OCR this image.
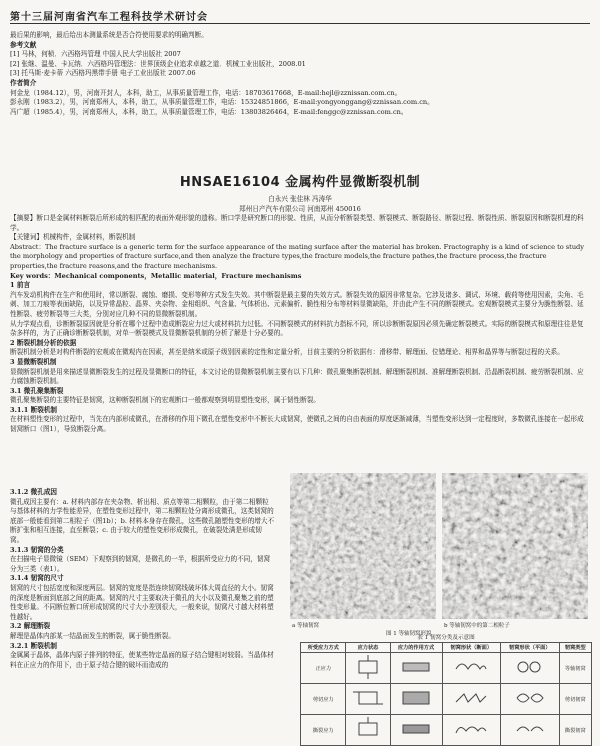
第十三届河南省汽车工程科技学术研讨会

最后果的影响，最后给出本测量系统是否合符使用要求的明确判断。

参考文献

[1] 马林，何桢．六西格玛管理 中国人民大学出版社 2007

[2] 张继、温曼、卡瓦纳．六西格玛管理法：世界顶级企业追求卓越之道．机械工业出版社，2008.01

[3] 托马斯·麦卡蒂 六西格玛黑带手册 电子工业出版社 2007.06

作者简介

何金龙（1984.12），男，河南开封人，本科，助工，从事质量管理工作，电话：18703617668，E-mail:hejl@zznissan.com.cn。

彭永刚（1983.2），男，河南郑州人，本科，助工，从事质量管理工作，电话：15324851866，E-mail:yongyonggang@zznissan.com.cn。

冯广超（1985.4），男，河南郑州人，本科，助工，从事质量管理工作，电话：13803826464，E-mail:fenggc@zznissan.com.cn。

HNSAE16104 金属构件显微断裂机制
白永兴 张佳林 冯涛华
郑州日产汽车有限公司 河南郑州 450016

【摘要】断口是金属材料断裂后所形成的相匹配的表面外观形貌的遗称。断口学是研究断口的形貌、性质，从而分析断裂类型、断裂模式、断裂路径、断裂过程、断裂性质、断裂原因和断裂机理的科学。

【关键词】机械构件，金属材料，断裂机制

Abstract：The fracture surface is a generic term for the surface appearance of the mating surface after the material has broken. Fractography is a kind of science to study the morphology and properties of fracture surface,and then analyze the fracture types,the fracture models,the fracture pathes,the fracture process,the fracture properties,the fracture reasons,and the fracture mechanisms.

Key words：Mechanical components，Metallic material，Fracture mechanisms

1 前言

汽车发动机构件在生产和使用时，常以断裂、腐蚀、磨损、变形等种方式发生失效。其中断裂是最主要的失效方式。断裂失效的原因非常复杂。它涉及诸多、调试、环境、载荷等使用因素，尖角、毛刺、加工刀痕等表面缺陷，以及异常晶粒、晶界、夹杂物、金相组织、气含量、气体析出、元素偏析、脆性相分布等材料显微缺陷，并由此产生不同的断裂模式。宏观断裂模式主要分为脆性断裂、延性断裂、疲劳断裂等三大类，分别对应几种不同的显微断裂机制。

从力学观点看，诊断断裂原因就是分析在哪个过程中造成断裂应力过大或材料抗力过低。不同断裂模式的材料抗力指标不同，所以诊断断裂原因必须先确定断裂模式。实际的断裂模式和原理往往是复杂多样的，为了正确诊断断裂机制，对单一断裂模式及显微断裂机制的分析了解是十分必要的。

2 断裂机制分析的依据

断裂机制分析是对构件断裂的宏观或在微观内在因素，甚至是纳米或原子级别因素的定性和定量分析，目前主要的分析依据有：滑移带、解理面、位错理论、相界和晶界等与断裂过程的关系。

3 显微断裂机制

显微断裂机制是用来描述显微断裂发生的过程及显微断口的特征，本文讨论的显微断裂机制主要有以下几种：微孔聚集断裂机制、解理断裂机制、准解理断裂机制、沿晶断裂机制、疲劳断裂机制、应力腐蚀断裂机制。

3.1 微孔聚集断裂

微孔聚集断裂的主要特征是韧窝，这种断裂机制下的宏观断口一般都观察到明显塑性变形，属于韧性断裂。

3.1.1 断裂机制

在材料塑性变形的过程中，当先在内部形成微孔，在滑移的作用下微孔在塑性变形中不断长大成韧窝，使微孔之间的自由表面的厚度逐渐减薄，当塑性变形达到一定程度时，多数微孔连接在一起形成韧窝断口（图1），导致断裂分离。

3.1.2 微孔成因

微孔成因主要有：a. 材料内部存在夹杂物、析出相、质点等第二相颗粒，由于第二相颗粒与基体材料的力学性能差异，在塑性变形过程中，第二相颗粒处分离形成微孔，这类韧窝的底部一般能看到第二相粒子（图1b）；b. 材料本身存在微孔，这些微孔随塑性变形的增大不断扩张和相互连接，直至断裂；c. 由于较大的塑性变形形成微孔，在破裂处满是形成韧窝。

3.1.3 韧窝的分类

在扫描电子显微镜（SEM）下观察到的韧窝，是微孔的一半，根据所受应力的不同，韧窝分为三类（表1）。

3.1.4 韧窝的尺寸

韧窝的尺寸包括宽度和深度两层。韧窝的宽度是指连续韧窝线破坏体大周直径的大小。韧窝的深度是断面到底部之间的距离。韧窝的尺寸主要取决于微孔的大小以及微孔聚集之前的塑性变形量。不同断位断口所形成韧窝的尺寸大小差别很大，一般来说，韧窝尺寸越大材料塑性越好。

3.2 解理断裂

解理是晶体内部某一结晶面发生的断裂，属于脆性断裂。

3.2.1 断裂机制

金属属于晶体，晶体内原子排列的特征，使某些特定晶面的原子结合键相对较弱。当晶体材料在正应力的作用下，由于原子结合键的破坏而造成的

a 等轴韧窝	b 等轴韧窝中的第二相粒子
图 1 等轴韧窝形貌
表 1 韧窝分类及示意图
所受应力方式	应力状态	应力的作用方式	韧窝形状（断面）	韧窝形状（平面）	韧窝类型
正应力					等轴韧窝
剪切应力					剪切韧窝
撕裂应力					撕裂韧窝
